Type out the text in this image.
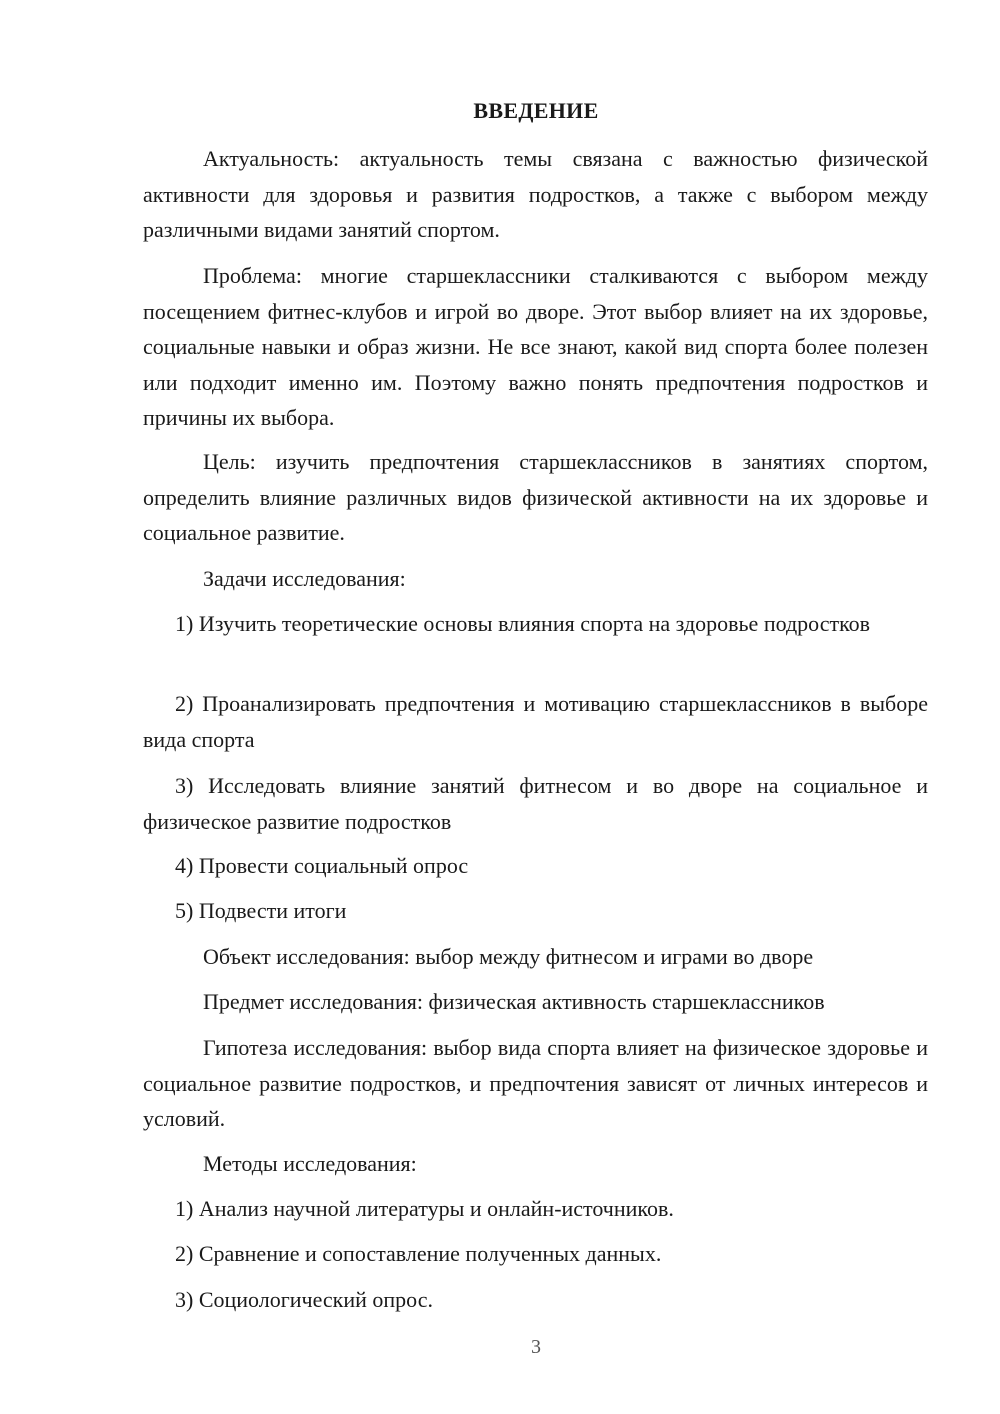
ВВЕДЕНИЕ

Актуальность: актуальность темы связана с важностью физической активности для здоровья и развития подростков, а также с выбором между различными видами занятий спортом.

Проблема: многие старшеклассники сталкиваются с выбором между посещением фитнес-клубов и игрой во дворе. Этот выбор влияет на их здоровье, социальные навыки и образ жизни. Не все знают, какой вид спорта более полезен или подходит именно им. Поэтому важно понять предпочтения подростков и причины их выбора.

Цель: изучить предпочтения старшеклассников в занятиях спортом, определить влияние различных видов физической активности на их здоровье и социальное развитие.

Задачи исследования:

1) Изучить теоретические основы влияния спорта на здоровье подростков

2) Проанализировать предпочтения и мотивацию старшеклассников в выборе вида спорта

3) Исследовать влияние занятий фитнесом и во дворе на социальное и физическое развитие подростков

4) Провести социальный опрос

5) Подвести итоги

Объект исследования: выбор между фитнесом и играми во дворе

Предмет исследования: физическая активность старшеклассников

Гипотеза исследования: выбор вида спорта влияет на физическое здоровье и социальное развитие подростков, и предпочтения зависят от личных интересов и условий.

Методы исследования:

1) Анализ научной литературы и онлайн-источников.

2) Сравнение и сопоставление полученных данных.

3) Социологический опрос.

3
